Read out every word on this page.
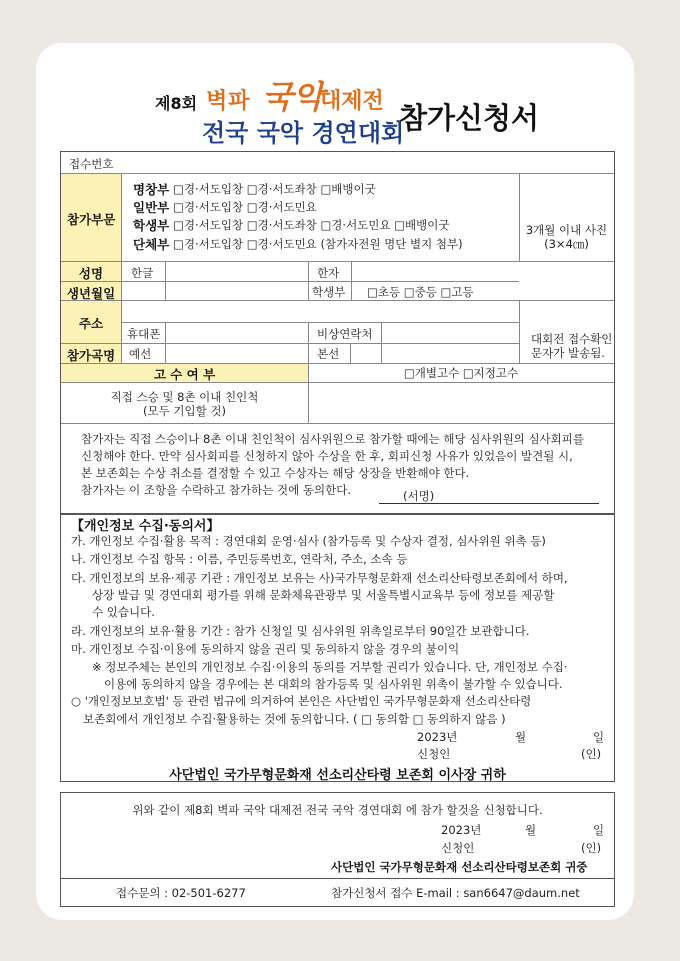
제8회 벽파 국악
대제전
전국 국악 경연대회
참가신청서
접수번호
참가부문
명창부 □경·서도입창 □경·서도좌창 □배뱅이굿
일반부 □경·서도입창 □경·서도민요
학생부 □경·서도입창 □경·서도좌창 □경·서도민요 □배뱅이굿
단체부 □경·서도입창 □경·서도민요 (참가자전원 명단 별지 첨부)
3개월 이내 사진
(3×4㎝)
성명	한글	한자
생년월일	학생부 □초등 □중등 □고등
주소
휴대폰	비상연락처	대회전 접수확인
문자가 발송됨.
참가곡명	예선	본선
고 수 여 부	□개별고수 □지정고수
직접 스승 및 8촌 이내 친인척
(모두 기입할 것)
참가자는 직접 스승이나 8촌 이내 친인척이 심사위원으로 참가할 때에는 해당 심사위원의 심사회피를
신청해야 한다. 만약 심사회피를 신청하지 않아 수상을 한 후, 회피신청 사유가 있었음이 발견될 시,
본 보존회는 수상 취소를 결정할 수 있고 수상자는 해당 상장을 반환해야 한다.
참가자는 이 조항을 수락하고 참가하는 것에 동의한다.	(서명)
【개인정보 수집·동의서】
가. 개인정보 수집·활용 목적 : 경연대회 운영·심사 (참가등록 및 수상자 결정, 심사위원 위촉 등)
나. 개인정보 수집 항목 : 이름, 주민등록번호, 연락처, 주소, 소속 등
다. 개인정보의 보유·제공 기관 : 개인정보 보유는 사)국가무형문화재 선소리산타령보존회에서 하며,
상장 발급 및 경연대회 평가를 위해 문화체육관광부 및 서울특별시교육부 등에 정보를 제공할
수 있습니다.
라. 개인정보의 보유·활용 기간 : 참가 신청일 및 심사위원 위촉일로부터 90일간 보관합니다.
마. 개인정보 수집·이용에 동의하지 않을 권리 및 동의하지 않을 경우의 불이익
※ 정보주체는 본인의 개인정보 수집·이용의 동의를 거부할 권리가 있습니다. 단, 개인정보 수집·
이용에 동의하지 않을 경우에는 본 대회의 참가등록 및 심사위원 위촉이 불가할 수 있습니다.
○ '개인정보보호법' 등 관련 법규에 의거하여 본인은 사단법인 국가무형문화재 선소리산타령
보존회에서 개인정보 수집·활용하는 것에 동의합니다. ( □ 동의함 □ 동의하지 않음 )
2023년	월	일
신청인	(인)
사단법인 국가무형문화재 선소리산타령 보존회 이사장 귀하
위와 같이 제8회 벽파 국악 대제전 전국 국악 경연대회 에 참가 할것을 신청합니다.
2023년	월	일
신청인	(인)
사단법인 국가무형문화재 선소리산타령보존회 귀중
접수문의 : 02-501-6277	참가신청서 접수 E-mail : san6647@daum.net
